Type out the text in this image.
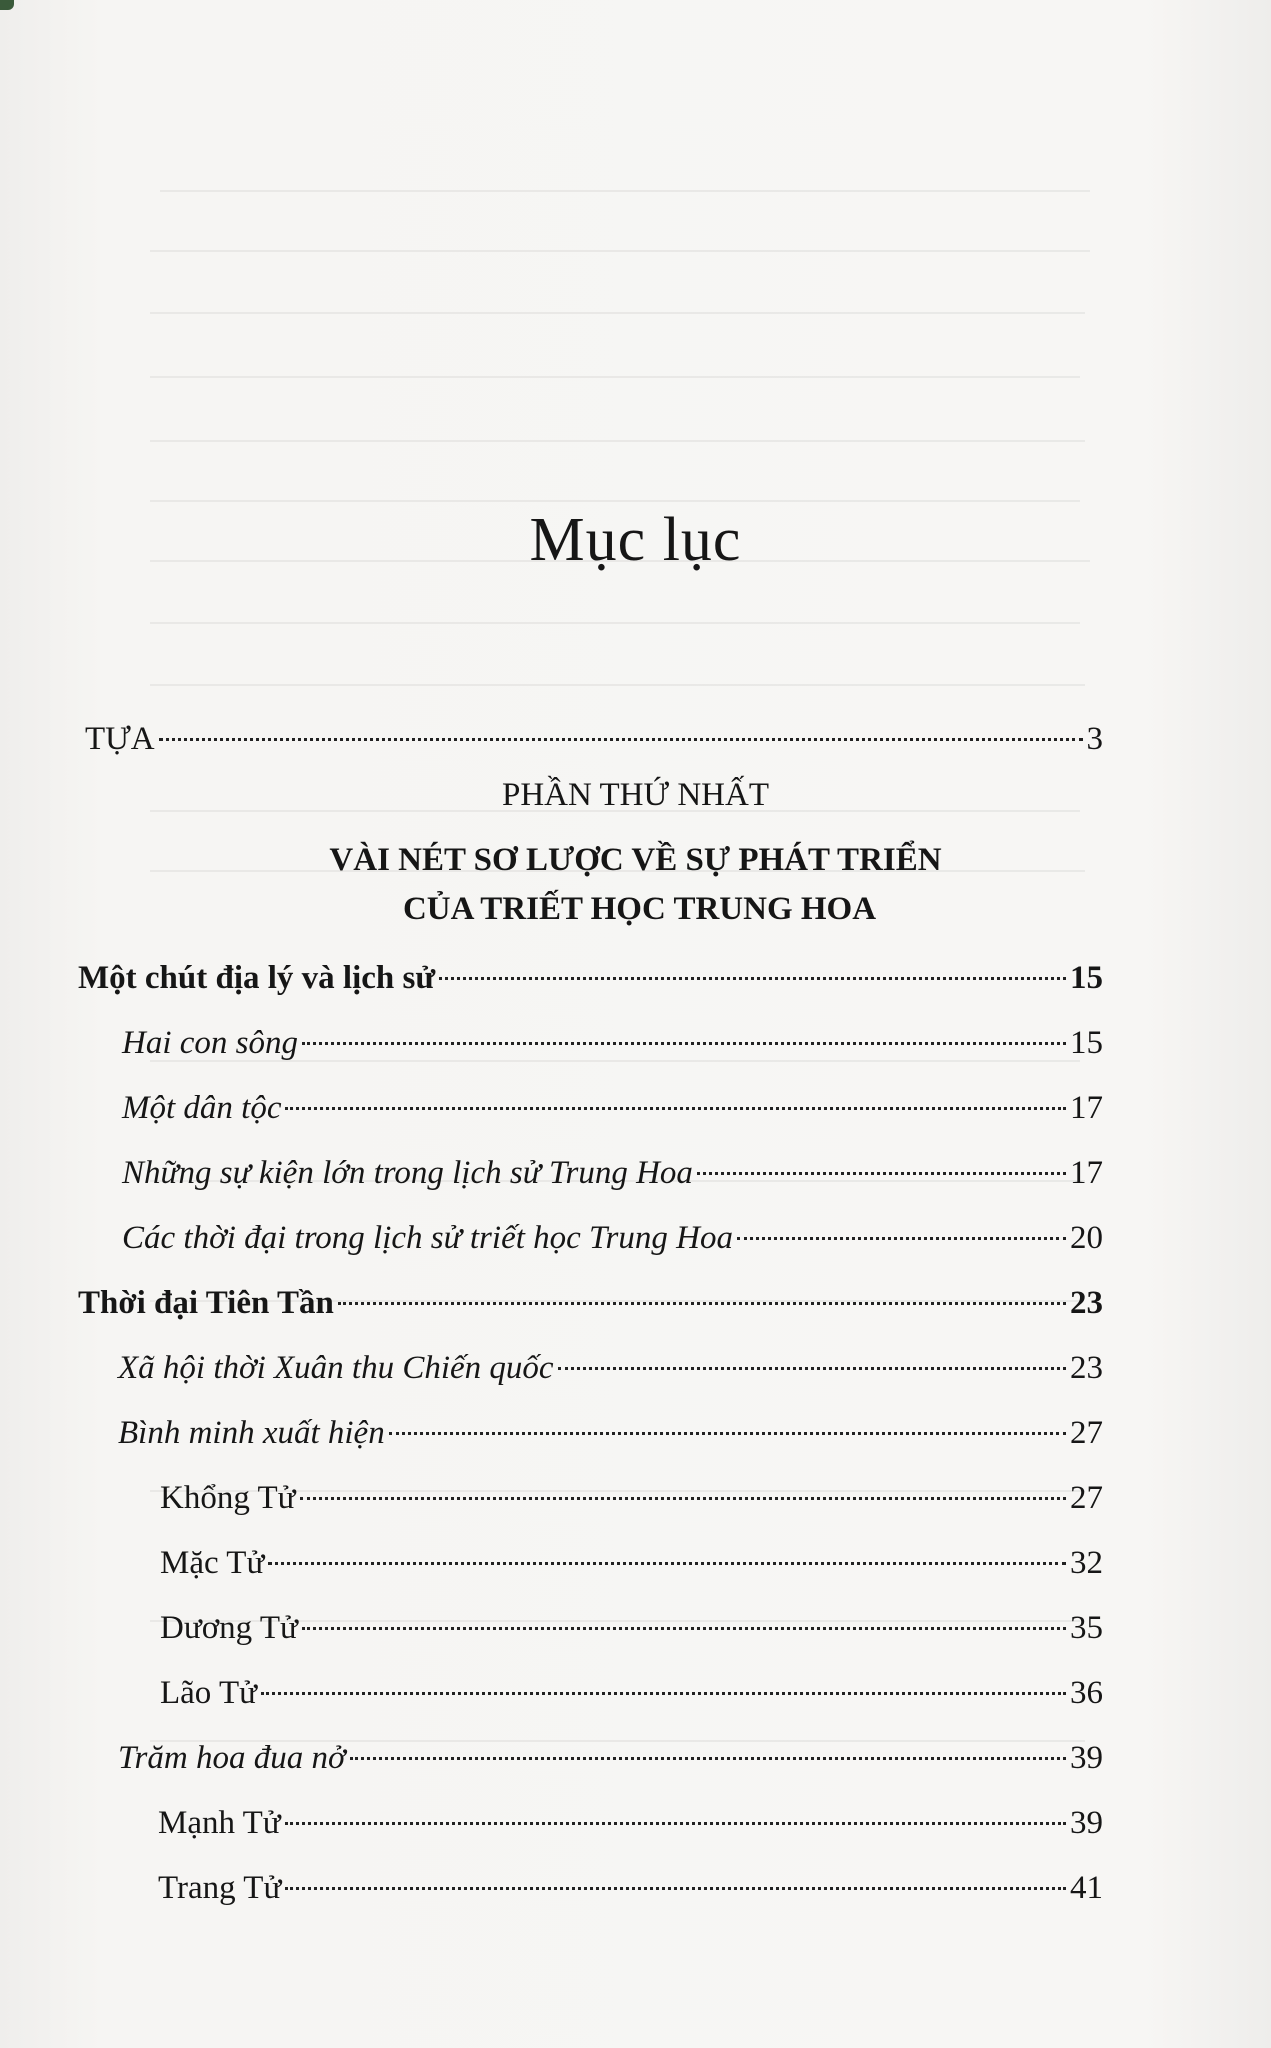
Mục lục
TỰA	3
PHẦN THỨ NHẤT
VÀI NÉT SƠ LƯỢC VỀ SỰ PHÁT TRIỂN
CỦA TRIẾT HỌC TRUNG HOA
Một chút địa lý và lịch sử	15
Hai con sông	15
Một dân tộc	17
Những sự kiện lớn trong lịch sử Trung Hoa	17
Các thời đại trong lịch sử triết học Trung Hoa	20
Thời đại Tiên Tần	23
Xã hội thời Xuân thu Chiến quốc	23
Bình minh xuất hiện	27
Khổng Tử	27
Mặc Tử	32
Dương Tử	35
Lão Tử	36
Trăm hoa đua nở	39
Mạnh Tử	39
Trang Tử	41
